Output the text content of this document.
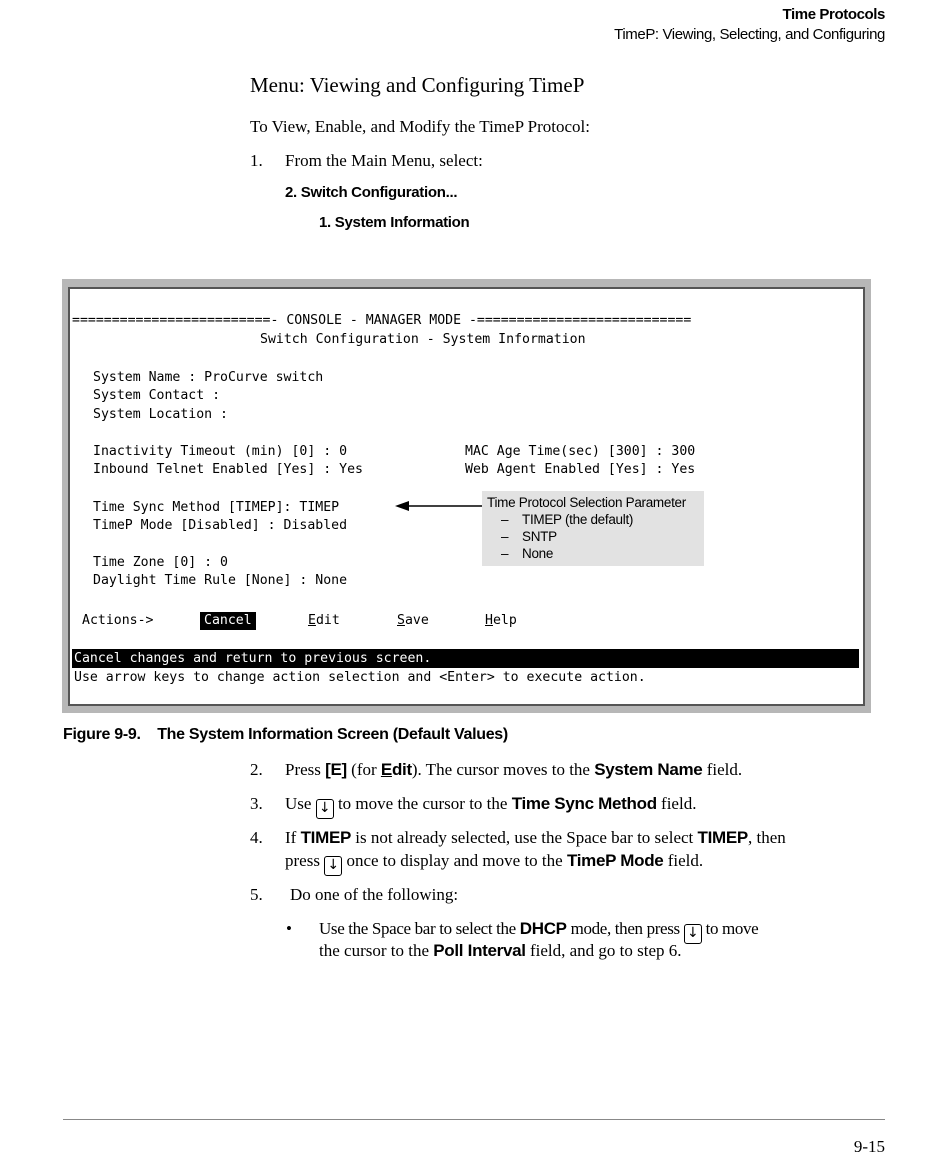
Time Protocols
TimeP: Viewing, Selecting, and Configuring
Menu: Viewing and Configuring TimeP
To View, Enable, and Modify the TimeP Protocol:
1. From the Main Menu, select:
2. Switch Configuration...
1. System Information
=========================- CONSOLE - MANAGER MODE -===========================
Switch Configuration - System Information
System Name : ProCurve switch
System Contact :
System Location :
Inactivity Timeout (min) [0] : 0	MAC Age Time(sec) [300] : 300
Inbound Telnet Enabled [Yes] : Yes	Web Agent Enabled [Yes] : Yes
Time Sync Method [TIMEP]: TIMEP
TimeP Mode [Disabled] : Disabled
Time Zone [0] : 0
Daylight Time Rule [None] : None
Actions->	Cancel	Edit	Save	Help
Cancel changes and return to previous screen.
Use arrow keys to change action selection and <Enter> to execute action.
Time Protocol Selection Parameter
– TIMEP (the default)
– SNTP
– None
Figure 9-9.    The System Information Screen (Default Values)
2. Press [E] (for Edit). The cursor moves to the System Name field.
3. Use ↓ to move the cursor to the Time Sync Method field.
4. If TIMEP is not already selected, use the Space bar to select TIMEP, then
press ↓ once to display and move to the TimeP Mode field.
5. Do one of the following:
• Use the Space bar to select the DHCP mode, then press ↓ to move
the cursor to the Poll Interval field, and go to step 6.
9-15
